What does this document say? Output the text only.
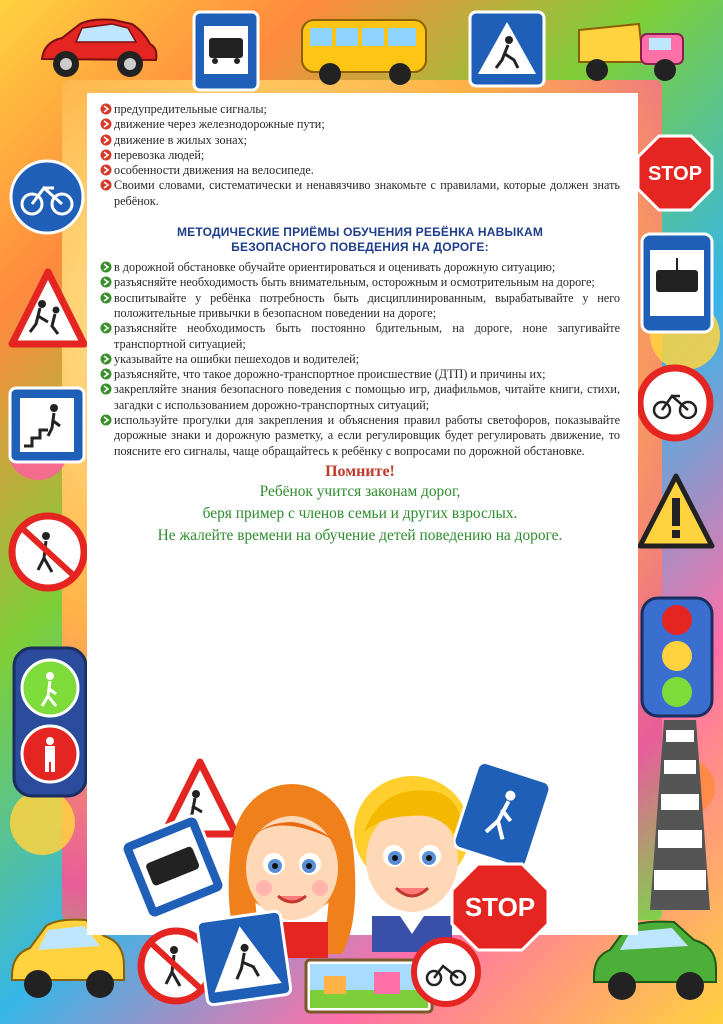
STOP
предупредительные сигналы;
движение через железнодорожные пути;
движение в жилых зонах;
перевозка людей;
особенности движения на велосипеде.
Своими словами, систематически и ненавязчиво знакомьте с правилами, которые должен знать ребёнок.
МЕТОДИЧЕСКИЕ ПРИЁМЫ ОБУЧЕНИЯ РЕБЁНКА НАВЫКАМ
БЕЗОПАСНОГО ПОВЕДЕНИЯ НА ДОРОГЕ:
в дорожной обстановке обучайте ориентироваться и оценивать дорожную ситуацию;
разъясняйте необходимость быть внимательным, осторожным и осмотрительным на дороге;
воспитывайте у ребёнка потребность быть дисциплинированным, вырабатывайте у него положительные привычки в безопасном поведении на дороге;
разъясняйте необходимость быть постоянно бдительным, на дороге, ноне запугивайте транспортной ситуацией;
указывайте на ошибки пешеходов и водителей;
разъясняйте, что такое дорожно-транспортное происшествие (ДТП) и причины их;
закрепляйте знания безопасного поведения с помощью игр, диафильмов, читайте книги, стихи, загадки с использованием дорожно-транспортных ситуаций;
используйте прогулки для закрепления и объяснения правил работы светофоров, показывайте дорожные знаки и дорожную разметку, а если регулировщик будет регулировать движение, то поясните его сигналы, чаще обращайтесь к ребёнку с вопросами по дорожной обстановке.
Помните!
Ребёнок учится законам дорог,
беря пример с членов семьи и других взрослых.
Не жалейте времени на обучение детей поведению на дороге.
STOP
